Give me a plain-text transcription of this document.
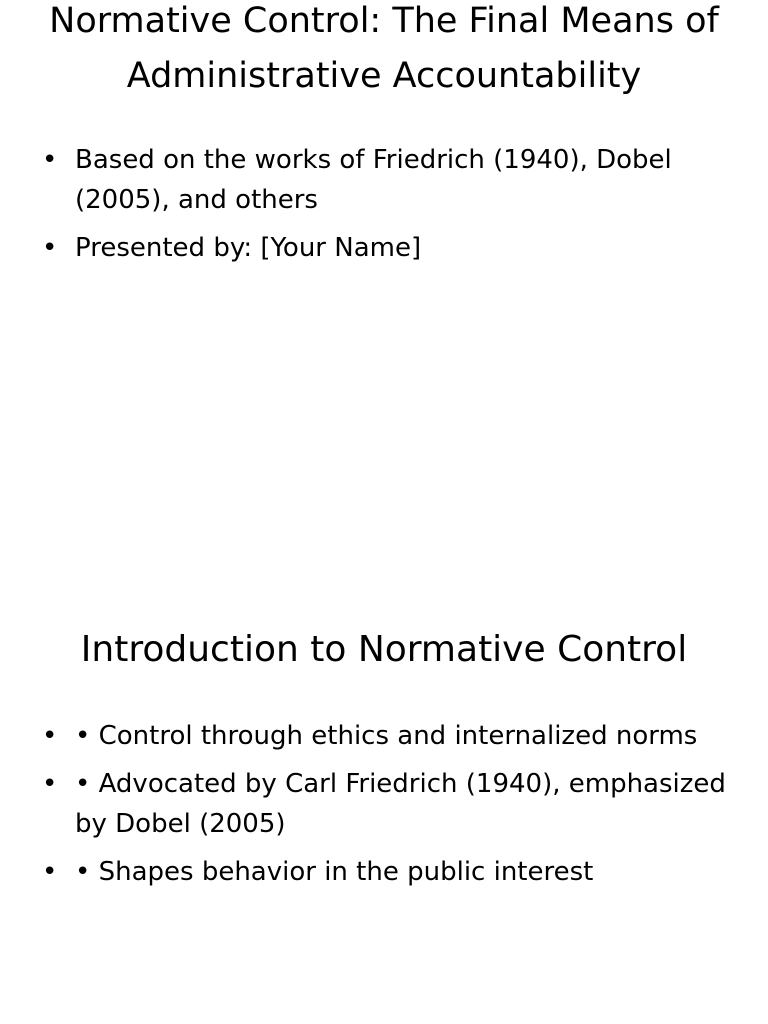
Normative Control: The Final Means of Administrative Accountability
• Based on the works of Friedrich (1940), Dobel (2005), and others
• Presented by: [Your Name]
Introduction to Normative Control
• • Control through ethics and internalized norms
• • Advocated by Carl Friedrich (1940), emphasized by Dobel (2005)
• • Shapes behavior in the public interest
